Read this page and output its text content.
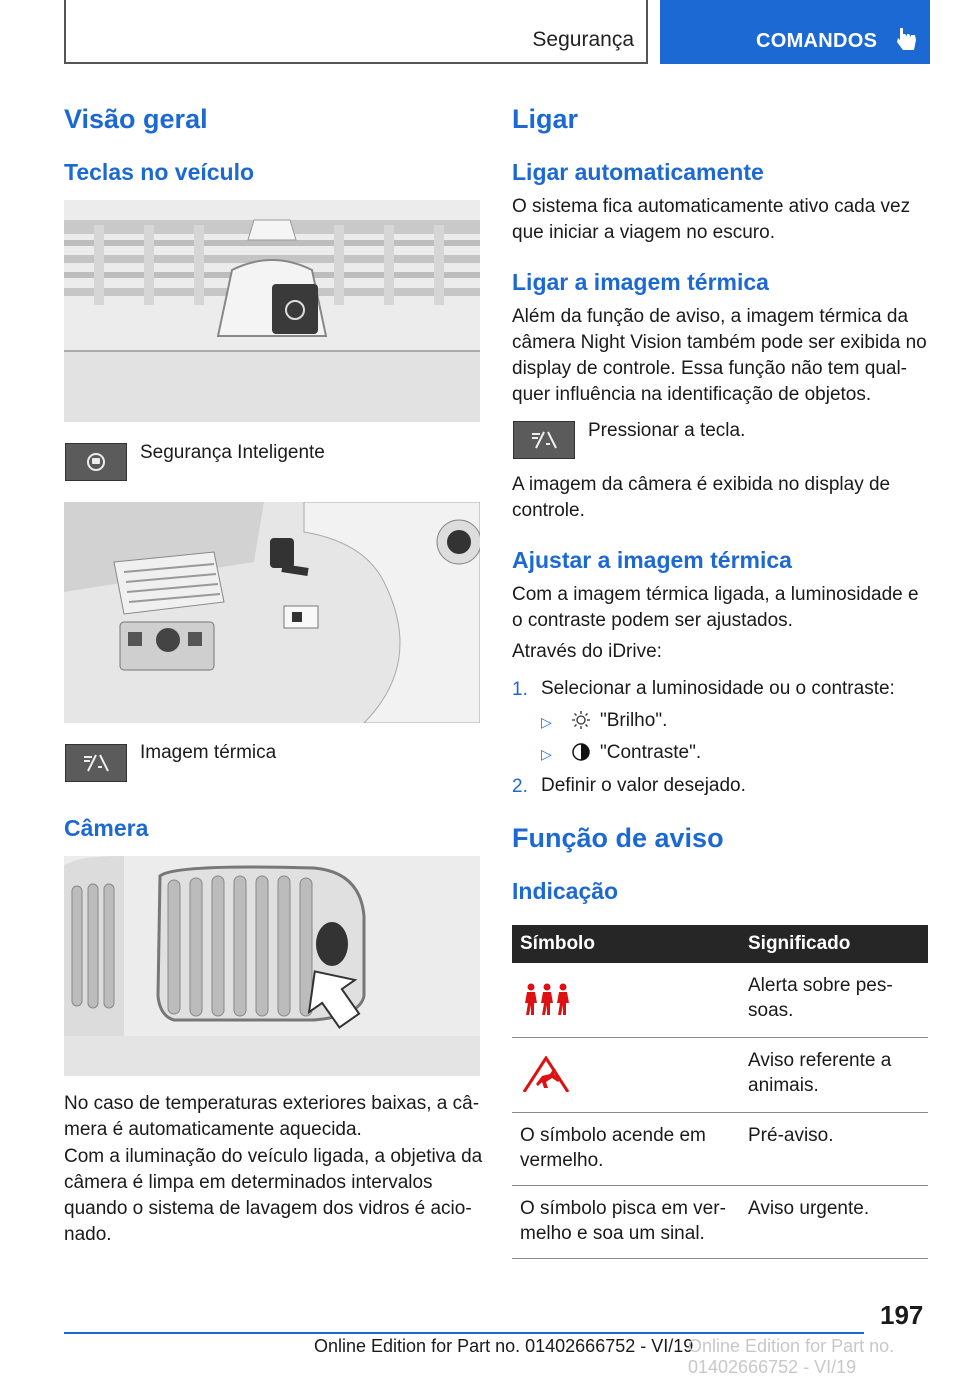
Segurança	COMANDOS
Visão geral
Teclas no veículo

Segurança Inteligente

Imagem térmica

Câmera

No caso de temperaturas exteriores baixas, a câ-
mera é automaticamente aquecida.

Com a iluminação do veículo ligada, a objetiva da
câmera é limpa em determinados intervalos
quando o sistema de lavagem dos vidros é acio-
nado.

Ligar
Ligar automaticamente

O sistema fica automaticamente ativo cada vez
que iniciar a viagem no escuro.

Ligar a imagem térmica

Além da função de aviso, a imagem térmica da
câmera Night Vision também pode ser exibida no
display de controle. Essa função não tem qual-
quer influência na identificação de objetos.

Pressionar a tecla.

A imagem da câmera é exibida no display de
controle.

Ajustar a imagem térmica

Com a imagem térmica ligada, a luminosidade e
o contraste podem ser ajustados.

Através do iDrive:

1. Selecionar a luminosidade ou o contraste:

▷	"Brilho".

▷	"Contraste".

2. Definir o valor desejado.

Função de aviso
Indicação
Símbolo	Significado
	Alerta sobre pes-
soas.
	Aviso referente a
animais.
O símbolo acende em
vermelho.	Pré-aviso.
O símbolo pisca em ver-
melho e soa um sinal.	Aviso urgente.
197
Online Edition for Part no. 01402666752 - VI/19
Online Edition for Part no. 01402666752 - VI/19
